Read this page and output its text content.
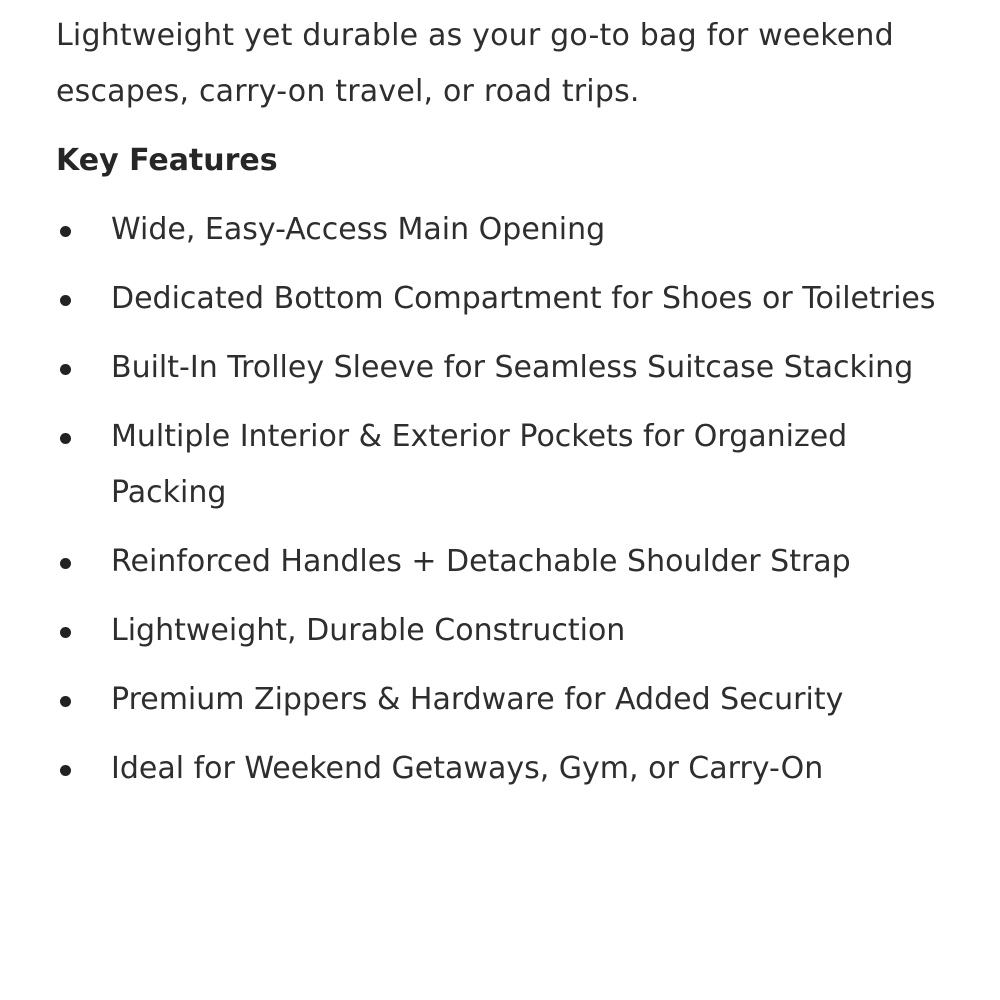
Lightweight yet durable as your go-to bag for weekend escapes, carry-on travel, or road trips.

Key Features
Wide, Easy-Access Main Opening
Dedicated Bottom Compartment for Shoes or Toiletries
Built-In Trolley Sleeve for Seamless Suitcase Stacking
Multiple Interior & Exterior Pockets for Organized Packing
Reinforced Handles + Detachable Shoulder Strap
Lightweight, Durable Construction
Premium Zippers & Hardware for Added Security
Ideal for Weekend Getaways, Gym, or Carry-On
